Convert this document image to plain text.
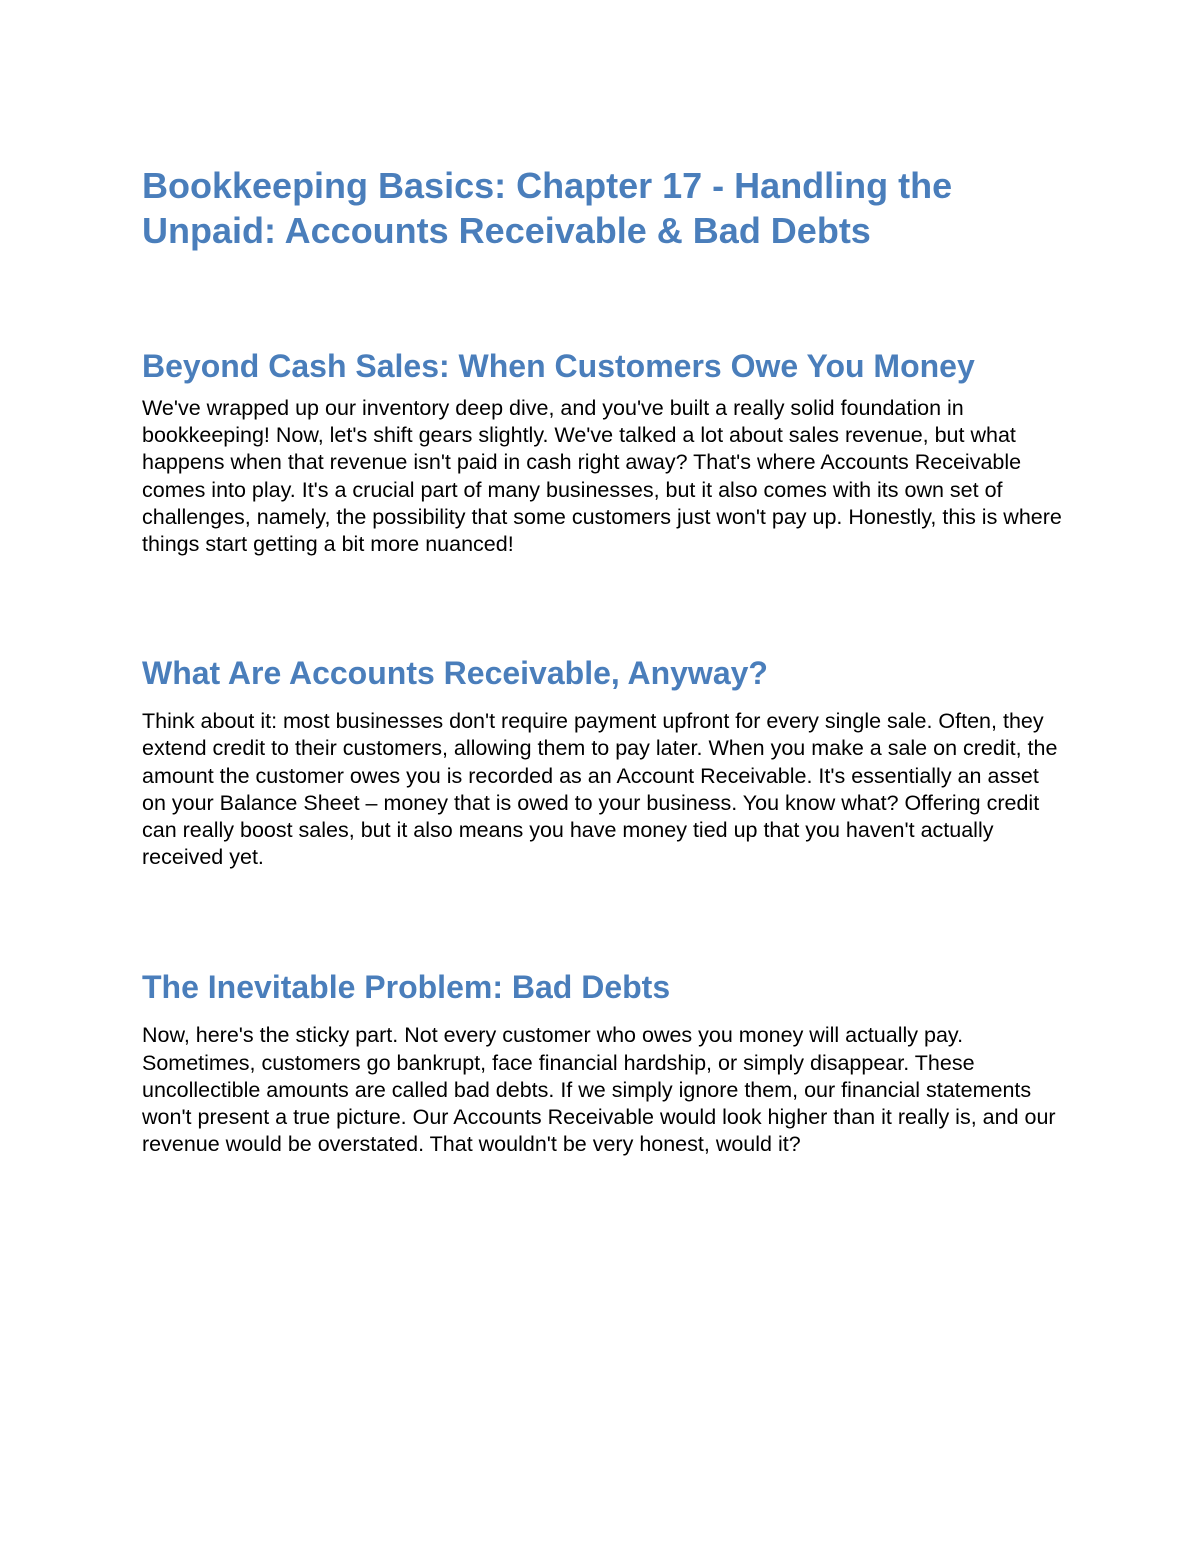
Bookkeeping Basics: Chapter 17 - Handling the Unpaid: Accounts Receivable & Bad Debts
Beyond Cash Sales: When Customers Owe You Money

We've wrapped up our inventory deep dive, and you've built a really solid foundation in bookkeeping! Now, let's shift gears slightly. We've talked a lot about sales revenue, but what happens when that revenue isn't paid in cash right away? That's where Accounts Receivable comes into play. It's a crucial part of many businesses, but it also comes with its own set of challenges, namely, the possibility that some customers just won't pay up. Honestly, this is where things start getting a bit more nuanced!

What Are Accounts Receivable, Anyway?

Think about it: most businesses don't require payment upfront for every single sale. Often, they extend credit to their customers, allowing them to pay later. When you make a sale on credit, the amount the customer owes you is recorded as an Account Receivable. It's essentially an asset on your Balance Sheet – money that is owed to your business. You know what? Offering credit can really boost sales, but it also means you have money tied up that you haven't actually received yet.

The Inevitable Problem: Bad Debts

Now, here's the sticky part. Not every customer who owes you money will actually pay. Sometimes, customers go bankrupt, face financial hardship, or simply disappear. These uncollectible amounts are called bad debts. If we simply ignore them, our financial statements won't present a true picture. Our Accounts Receivable would look higher than it really is, and our revenue would be overstated. That wouldn't be very honest, would it?
